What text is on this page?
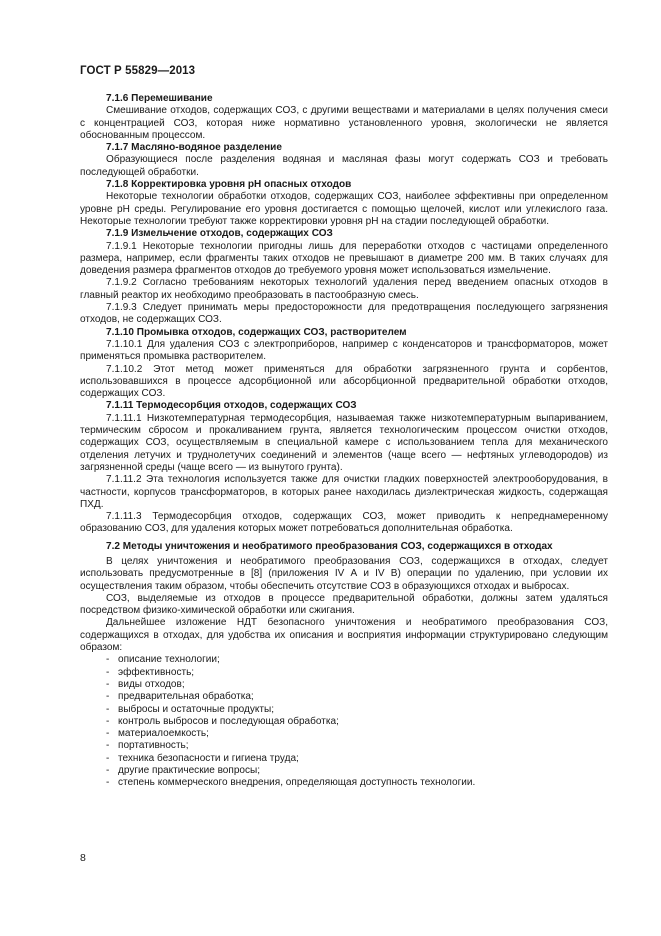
ГОСТ Р 55829—2013

7.1.6 Перемешивание

Смешивание отходов, содержащих СОЗ, с другими веществами и материалами в целях получения смеси с концентрацией СОЗ, которая ниже нормативно установленного уровня, экологически не является обоснованным процессом.

7.1.7 Масляно-водяное разделение

Образующиеся после разделения водяная и масляная фазы могут содержать СОЗ и требовать последующей обработки.

7.1.8 Корректировка уровня pH опасных отходов

Некоторые технологии обработки отходов, содержащих СОЗ, наиболее эффективны при определенном уровне pH среды. Регулирование его уровня достигается с помощью щелочей, кислот или углекислого газа. Некоторые технологии требуют также корректировки уровня pH на стадии последующей обработки.

7.1.9 Измельчение отходов, содержащих СОЗ

7.1.9.1 Некоторые технологии пригодны лишь для переработки отходов с частицами определенного размера, например, если фрагменты таких отходов не превышают в диаметре 200 мм. В таких случаях для доведения размера фрагментов отходов до требуемого уровня может использоваться измельчение.

7.1.9.2 Согласно требованиям некоторых технологий удаления перед введением опасных отходов в главный реактор их необходимо преобразовать в пастообразную смесь.

7.1.9.3 Следует принимать меры предосторожности для предотвращения последующего загрязнения отходов, не содержащих СОЗ.

7.1.10 Промывка отходов, содержащих СОЗ, растворителем

7.1.10.1 Для удаления СОЗ с электроприборов, например с конденсаторов и трансформаторов, может применяться промывка растворителем.

7.1.10.2 Этот метод может применяться для обработки загрязненного грунта и сорбентов, использовавшихся в процессе адсорбционной или абсорбционной предварительной обработки отходов, содержащих СОЗ.

7.1.11 Термодесорбция отходов, содержащих СОЗ

7.1.11.1 Низкотемпературная термодесорбция, называемая также низкотемпературным выпариванием, термическим сбросом и прокаливанием грунта, является технологическим процессом очистки отходов, содержащих СОЗ, осуществляемым в специальной камере с использованием тепла для механического отделения летучих и труднолетучих соединений и элементов (чаще всего — нефтяных углеводородов) из загрязненной среды (чаще всего — из вынутого грунта).

7.1.11.2 Эта технология используется также для очистки гладких поверхностей электрооборудования, в частности, корпусов трансформаторов, в которых ранее находилась диэлектрическая жидкость, содержащая ПХД.

7.1.11.3 Термодесорбция отходов, содержащих СОЗ, может приводить к непреднамеренному образованию СОЗ, для удаления которых может потребоваться дополнительная обработка.

7.2 Методы уничтожения и необратимого преобразования СОЗ, содержащихся в отходах

В целях уничтожения и необратимого преобразования СОЗ, содержащихся в отходах, следует использовать предусмотренные в [8] (приложения IV А и IV В) операции по удалению, при условии их осуществления таким образом, чтобы обеспечить отсутствие СОЗ в образующихся отходах и выбросах.

СОЗ, выделяемые из отходов в процессе предварительной обработки, должны затем удаляться посредством физико-химической обработки или сжигания.

Дальнейшее изложение НДТ безопасного уничтожения и необратимого преобразования СОЗ, содержащихся в отходах, для удобства их описания и восприятия информации структурировано следующим образом:

- описание технологии;
- эффективность;
- виды отходов;
- предварительная обработка;
- выбросы и остаточные продукты;
- контроль выбросов и последующая обработка;
- материалоемкость;
- портативность;
- техника безопасности и гигиена труда;
- другие практические вопросы;
- степень коммерческого внедрения, определяющая доступность технологии.
8
